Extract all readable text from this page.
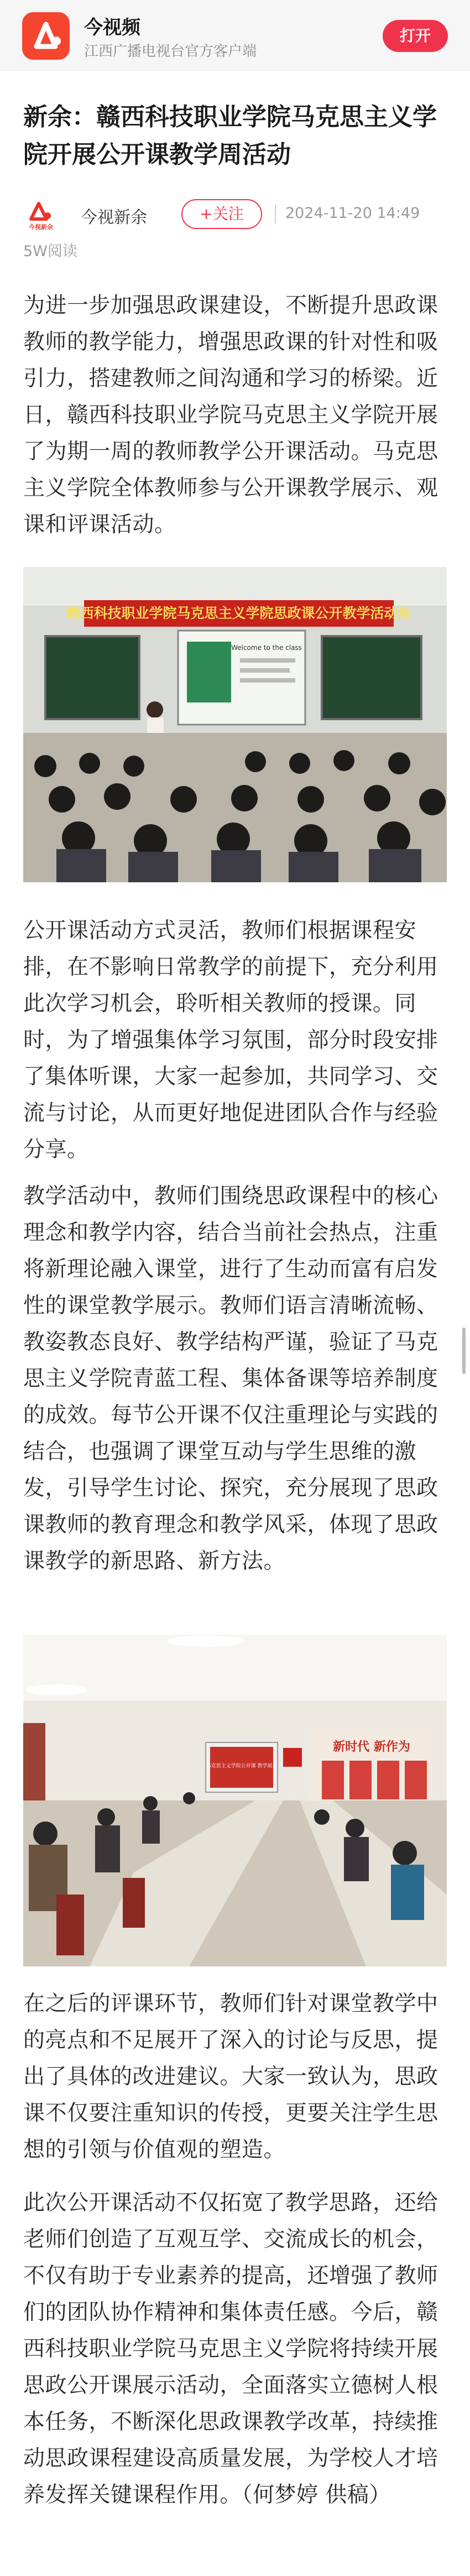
今视频
江西广播电视台官方客户端
打开
新余：赣西科技职业学院马克思主义学院开展公开课教学周活动
今视新余 今视新余	+关注	2024-11-20 14:49
5W阅读

为进一步加强思政课建设，不断提升思政课教师的教学能力，增强思政课的针对性和吸引力，搭建教师之间沟通和学习的桥梁。近日，赣西科技职业学院马克思主义学院开展了为期一周的教师教学公开课活动。马克思主义学院全体教师参与公开课教学展示、观课和评课活动。

赣西科技职业学院马克思主义学院思政课公开教学活动周
Welcome to the class

公开课活动方式灵活，教师们根据课程安排，在不影响日常教学的前提下，充分利用此次学习机会，聆听相关教师的授课。同时，为了增强集体学习氛围，部分时段安排了集体听课，大家一起参加，共同学习、交流与讨论，从而更好地促进团队合作与经验分享。

教学活动中，教师们围绕思政课程中的核心理念和教学内容，结合当前社会热点，注重将新理论融入课堂，进行了生动而富有启发性的课堂教学展示。教师们语言清晰流畅、教姿教态良好、教学结构严谨，验证了马克思主义学院青蓝工程、集体备课等培养制度的成效。每节公开课不仅注重理论与实践的结合，也强调了课堂互动与学生思维的激发，引导学生讨论、探究，充分展现了思政课教师的教育理念和教学风采，体现了思政课教学的新思路、新方法。

马克思主义学院公开课 教学展示
新时代 新作为

在之后的评课环节，教师们针对课堂教学中的亮点和不足展开了深入的讨论与反思，提出了具体的改进建议。大家一致认为，思政课不仅要注重知识的传授，更要关注学生思想的引领与价值观的塑造。

此次公开课活动不仅拓宽了教学思路，还给老师们创造了互观互学、交流成长的机会，不仅有助于专业素养的提高，还增强了教师们的团队协作精神和集体责任感。今后，赣西科技职业学院马克思主义学院将持续开展思政公开课展示活动，全面落实立德树人根本任务，不断深化思政课教学改革，持续推动思政课程建设高质量发展，为学校人才培养发挥关键课程作用。（何梦婷 供稿）
